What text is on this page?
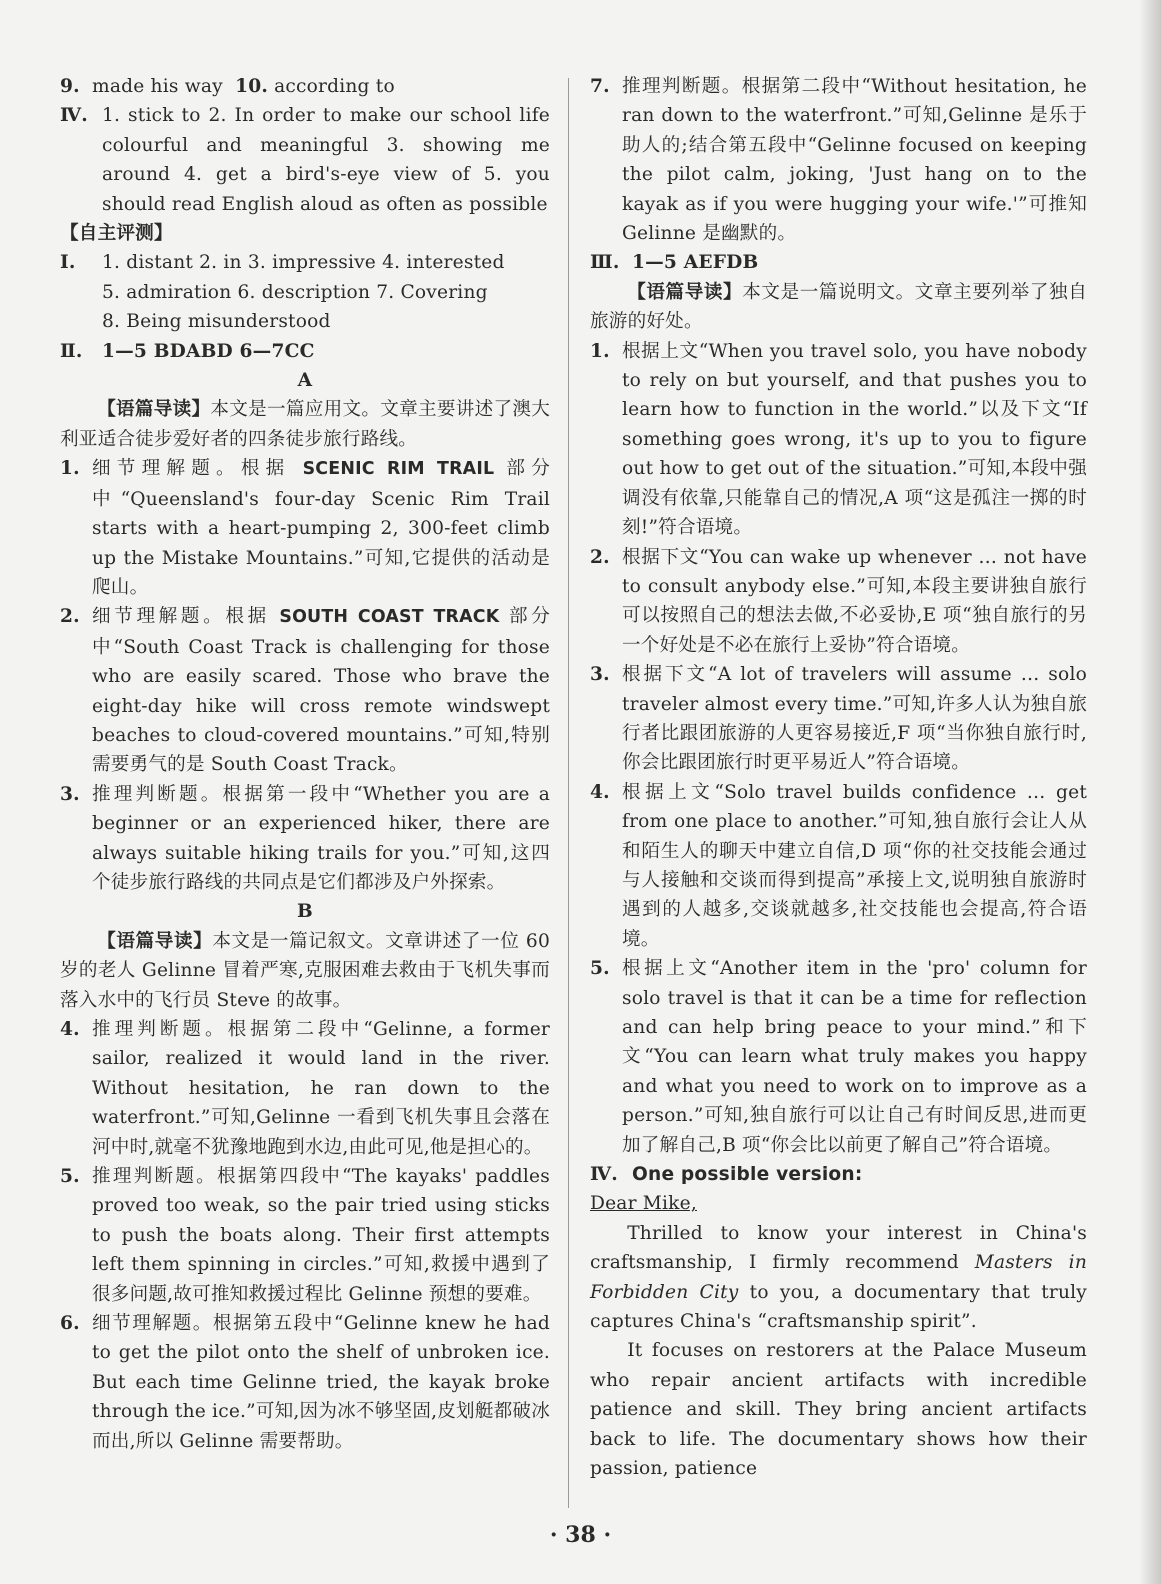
9. made his way 10. according to
Ⅳ. 1. stick to 2. In order to make our school life colourful and meaningful 3. showing me around 4. get a bird's-eye view of 5. you should read English aloud as often as possible
【自主评测】
Ⅰ. 1. distant 2. in 3. impressive 4. interested
5. admiration 6. description 7. Covering
8. Being misunderstood
Ⅱ. 1—5 BDABD 6—7CC
A
【语篇导读】本文是一篇应用文。文章主要讲述了澳大利亚适合徒步爱好者的四条徒步旅行路线。
1. 细节理解题。根据 SCENIC RIM TRAIL 部分中“Queensland's four-day Scenic Rim Trail starts with a heart-pumping 2, 300-feet climb up the Mistake Mountains.”可知,它提供的活动是爬山。
2. 细节理解题。根据 SOUTH COAST TRACK 部分中“South Coast Track is challenging for those who are easily scared. Those who brave the eight-day hike will cross remote windswept beaches to cloud-covered mountains.”可知,特别需要勇气的是 South Coast Track。
3. 推理判断题。根据第一段中“Whether you are a beginner or an experienced hiker, there are always suitable hiking trails for you.”可知,这四个徒步旅行路线的共同点是它们都涉及户外探索。
B
【语篇导读】本文是一篇记叙文。文章讲述了一位 60 岁的老人 Gelinne 冒着严寒,克服困难去救由于飞机失事而落入水中的飞行员 Steve 的故事。
4. 推理判断题。根据第二段中“Gelinne, a former sailor, realized it would land in the river. Without hesitation, he ran down to the waterfront.”可知,Gelinne 一看到飞机失事且会落在河中时,就毫不犹豫地跑到水边,由此可见,他是担心的。
5. 推理判断题。根据第四段中“The kayaks' paddles proved too weak, so the pair tried using sticks to push the boats along. Their first attempts left them spinning in circles.”可知,救援中遇到了很多问题,故可推知救援过程比 Gelinne 预想的要难。
6. 细节理解题。根据第五段中“Gelinne knew he had to get the pilot onto the shelf of unbroken ice. But each time Gelinne tried, the kayak broke through the ice.”可知,因为冰不够坚固,皮划艇都破冰而出,所以 Gelinne 需要帮助。
7. 推理判断题。根据第二段中“Without hesitation, he ran down to the waterfront.”可知,Gelinne 是乐于助人的;结合第五段中“Gelinne focused on keeping the pilot calm, joking, 'Just hang on to the kayak as if you were hugging your wife.'”可推知 Gelinne 是幽默的。
Ⅲ. 1—5 AEFDB
【语篇导读】本文是一篇说明文。文章主要列举了独自旅游的好处。
1. 根据上文“When you travel solo, you have nobody to rely on but yourself, and that pushes you to learn how to function in the world.”以及下文“If something goes wrong, it's up to you to figure out how to get out of the situation.”可知,本段中强调没有依靠,只能靠自己的情况,A 项“这是孤注一掷的时刻!”符合语境。
2. 根据下文“You can wake up whenever … not have to consult anybody else.”可知,本段主要讲独自旅行可以按照自己的想法去做,不必妥协,E 项“独自旅行的另一个好处是不必在旅行上妥协”符合语境。
3. 根据下文“A lot of travelers will assume … solo traveler almost every time.”可知,许多人认为独自旅行者比跟团旅游的人更容易接近,F 项“当你独自旅行时,你会比跟团旅行时更平易近人”符合语境。
4. 根据上文“Solo travel builds confidence … get from one place to another.”可知,独自旅行会让人从和陌生人的聊天中建立自信,D 项“你的社交技能会通过与人接触和交谈而得到提高”承接上文,说明独自旅游时遇到的人越多,交谈就越多,社交技能也会提高,符合语境。
5. 根据上文“Another item in the 'pro' column for solo travel is that it can be a time for reflection and can help bring peace to your mind.”和下文“You can learn what truly makes you happy and what you need to work on to improve as a person.”可知,独自旅行可以让自己有时间反思,进而更加了解自己,B 项“你会比以前更了解自己”符合语境。
Ⅳ. One possible version:
Dear Mike,
Thrilled to know your interest in China's craftsmanship, I firmly recommend Masters in Forbidden City to you, a documentary that truly captures China's “craftsmanship spirit”.
It focuses on restorers at the Palace Museum who repair ancient artifacts with incredible patience and skill. They bring ancient artifacts back to life. The documentary shows how their passion, patience
· 38 ·
